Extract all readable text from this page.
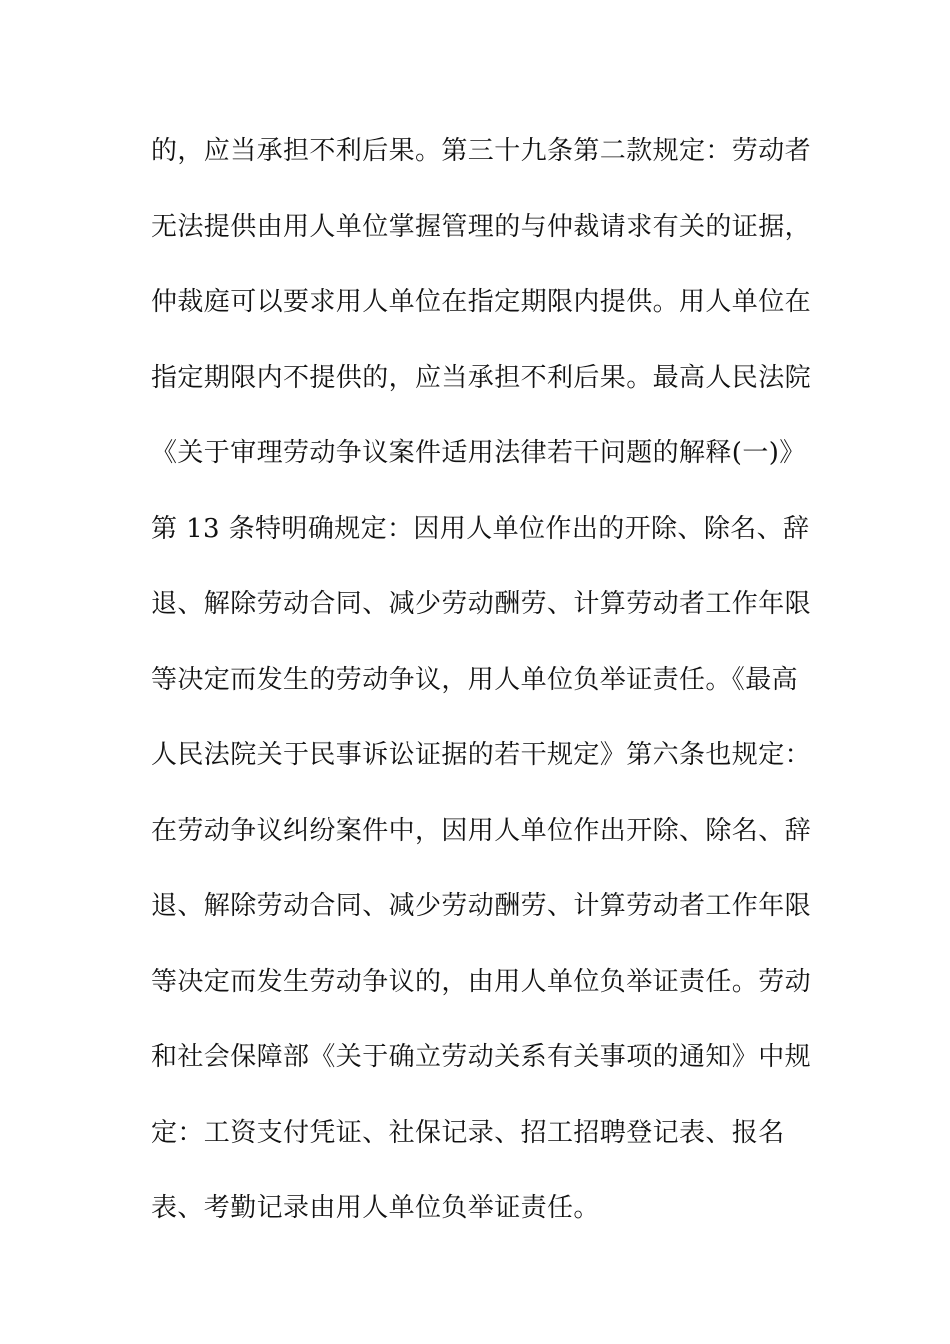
的，应当承担不利后果。第三十九条第二款规定：劳动者
无法提供由用人单位掌握管理的与仲裁请求有关的证据，
仲裁庭可以要求用人单位在指定期限内提供。用人单位在
指定期限内不提供的，应当承担不利后果。最高人民法院
《关于审理劳动争议案件适用法律若干问题的解释(一)》
第 13 条特明确规定：因用人单位作出的开除、除名、辞
退、解除劳动合同、减少劳动酬劳、计算劳动者工作年限
等决定而发生的劳动争议，用人单位负举证责任。《最高
人民法院关于民事诉讼证据的若干规定》第六条也规定：
在劳动争议纠纷案件中，因用人单位作出开除、除名、辞
退、解除劳动合同、减少劳动酬劳、计算劳动者工作年限
等决定而发生劳动争议的，由用人单位负举证责任。劳动
和社会保障部《关于确立劳动关系有关事项的通知》中规
定：工资支付凭证、社保记录、招工招聘登记表、报名
表、考勤记录由用人单位负举证责任。
